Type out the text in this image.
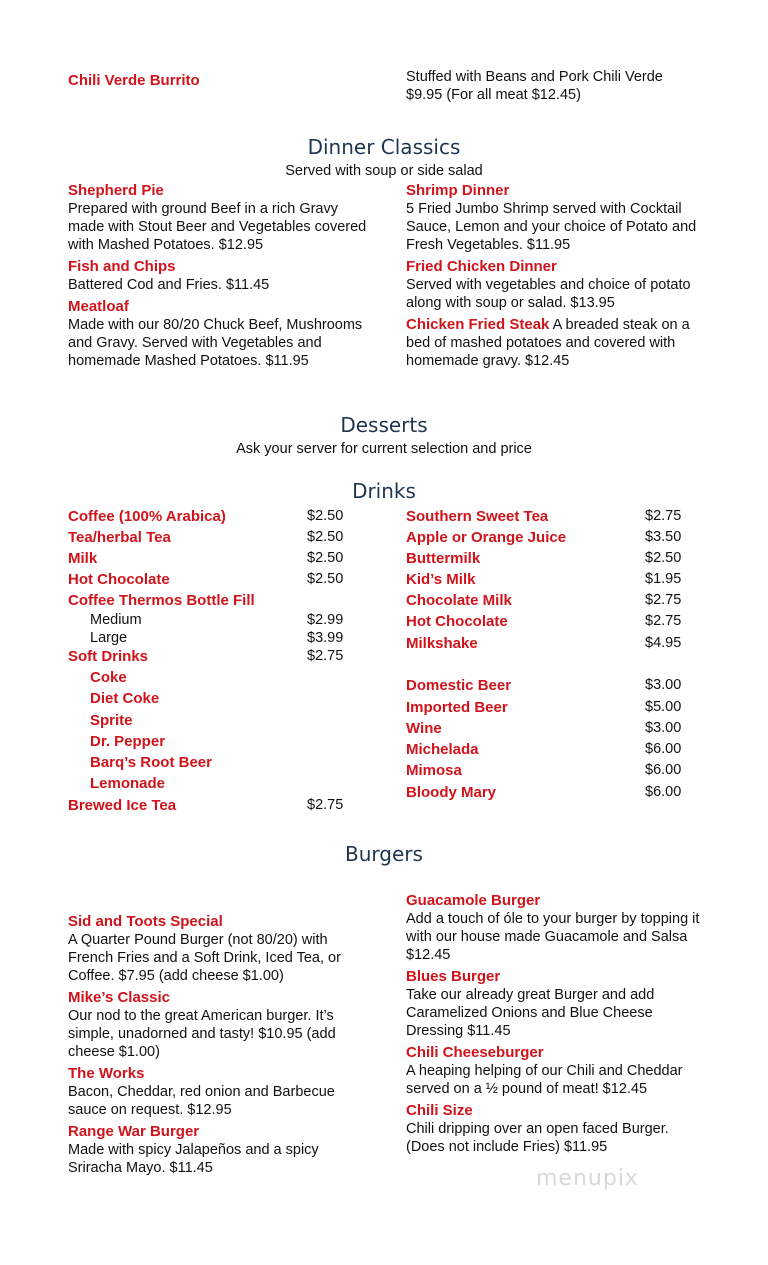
Chili Verde Burrito	Stuffed with Beans and Pork Chili Verde
$9.95 (For all meat $12.45)
Dinner Classics
Served with soup or side salad
Shepherd Pie
Prepared with ground Beef in a rich Gravy made with Stout Beer and Vegetables covered with Mashed Potatoes. $12.95
Fish and Chips
Battered Cod and Fries. $11.45
Meatloaf
Made with our 80/20 Chuck Beef, Mushrooms and Gravy. Served with Vegetables and homemade Mashed Potatoes. $11.95
Shrimp Dinner
5 Fried Jumbo Shrimp served with Cocktail Sauce, Lemon and your choice of Potato and Fresh Vegetables. $11.95
Fried Chicken Dinner
Served with vegetables and choice of potato along with soup or salad. $13.95
Chicken Fried Steak A breaded steak on a bed of mashed potatoes and covered with homemade gravy. $12.45
Desserts
Ask your server for current selection and price
Drinks
Coffee (100% Arabica)	$2.50
Tea/herbal Tea	$2.50
Milk	$2.50
Hot Chocolate	$2.50
Coffee Thermos Bottle Fill
Medium	$2.99
Large	$3.99
Soft Drinks	$2.75
Coke
Diet Coke
Sprite
Dr. Pepper
Barq’s Root Beer
Lemonade
Brewed Ice Tea	$2.75
Southern Sweet Tea	$2.75
Apple or Orange Juice	$3.50
Buttermilk	$2.50
Kid’s Milk	$1.95
Chocolate Milk	$2.75
Hot Chocolate	$2.75
Milkshake	$4.95
Domestic Beer	$3.00
Imported Beer	$5.00
Wine	$3.00
Michelada	$6.00
Mimosa	$6.00
Bloody Mary	$6.00
Burgers
Sid and Toots Special
A Quarter Pound Burger (not 80/20) with French Fries and a Soft Drink, Iced Tea, or Coffee. $7.95 (add cheese $1.00)
Mike’s Classic
Our nod to the great American burger. It’s simple, unadorned and tasty! $10.95 (add cheese $1.00)
The Works
Bacon, Cheddar, red onion and Barbecue sauce on request. $12.95
Range War Burger
Made with spicy Jalapeños and a spicy Sriracha Mayo. $11.45
Guacamole Burger
Add a touch of óle to your burger by topping it with our house made Guacamole and Salsa $12.45
Blues Burger
Take our already great Burger and add Caramelized Onions and Blue Cheese Dressing $11.45
Chili Cheeseburger
A heaping helping of our Chili and Cheddar served on a ½ pound of meat! $12.45
Chili Size
Chili dripping over an open faced Burger. (Does not include Fries) $11.95
menupix
